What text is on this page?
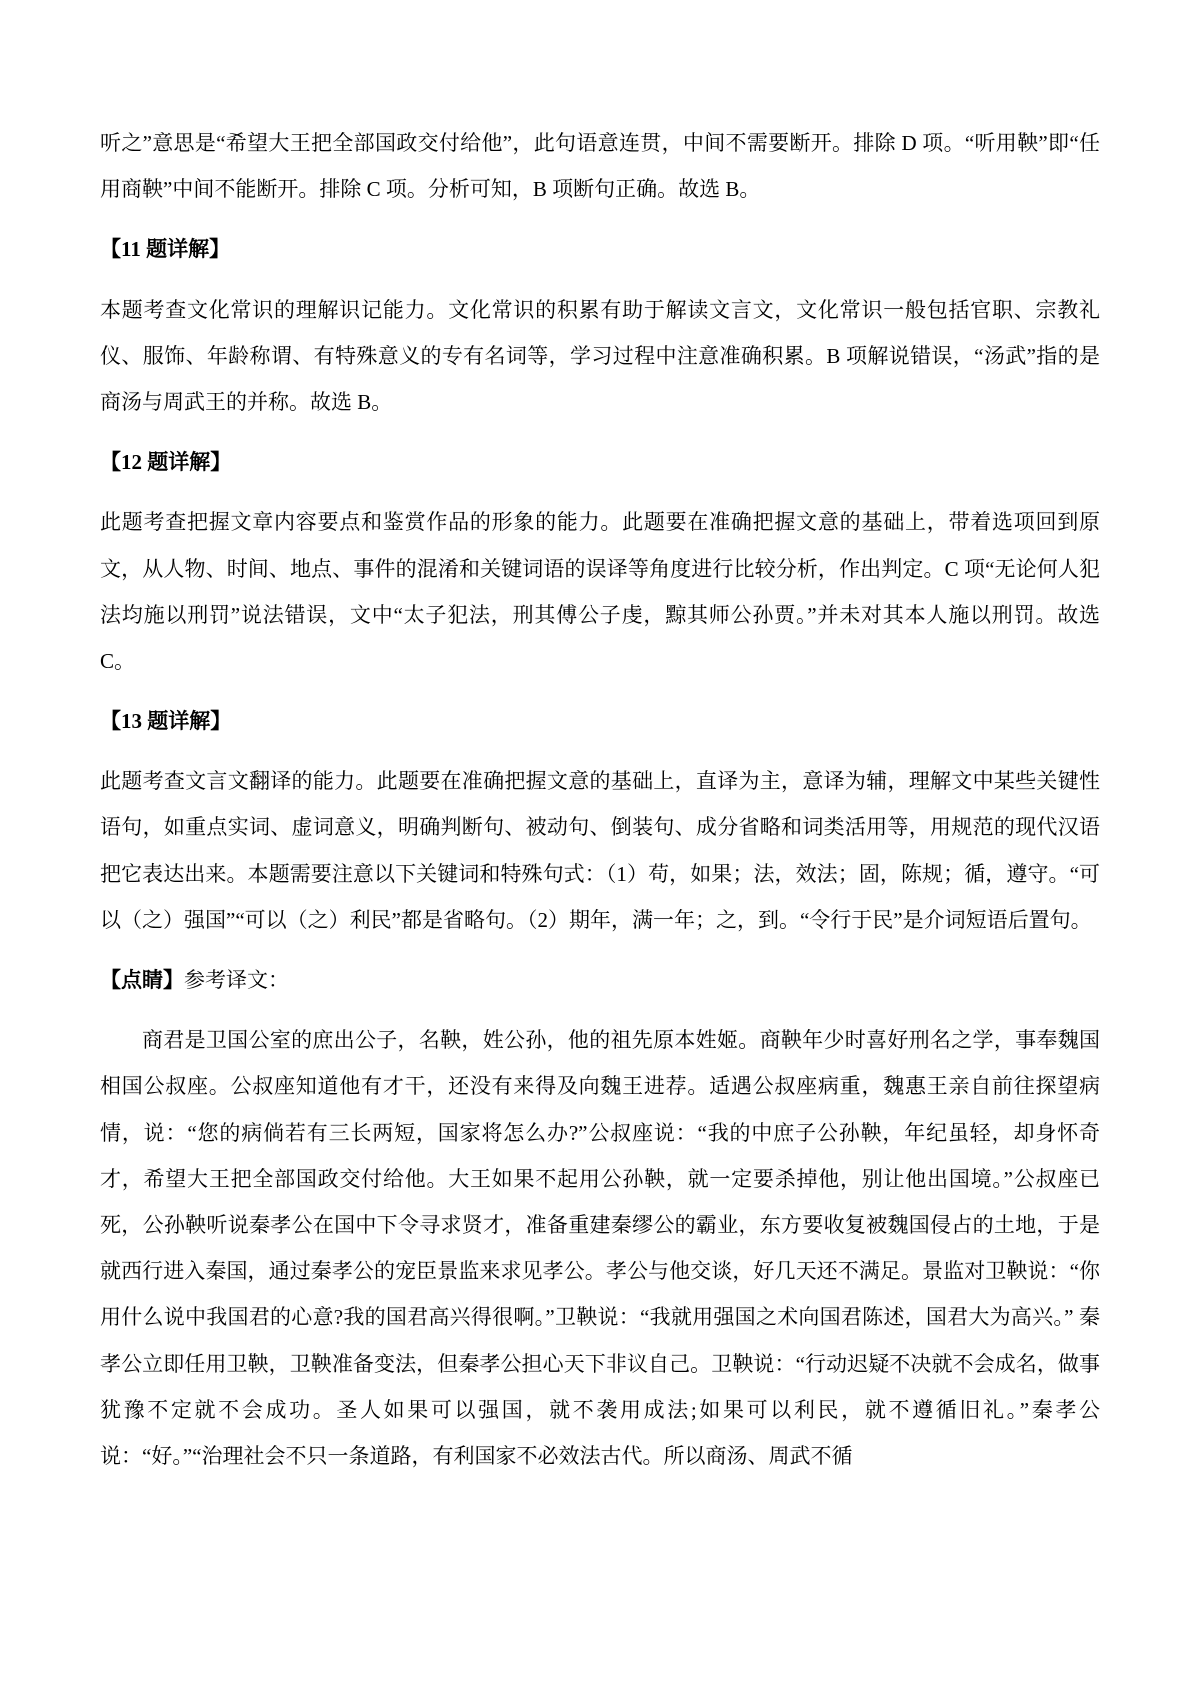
听之”意思是“希望大王把全部国政交付给他”，此句语意连贯，中间不需要断开。排除 D 项。“听用鞅”即“任用商鞅”中间不能断开。排除 C 项。分析可知，B 项断句正确。故选 B。

【11 题详解】

本题考查文化常识的理解识记能力。文化常识的积累有助于解读文言文，文化常识一般包括官职、宗教礼仪、服饰、年龄称谓、有特殊意义的专有名词等，学习过程中注意准确积累。B 项解说错误，“汤武”指的是商汤与周武王的并称。故选 B。

【12 题详解】

此题考查把握文章内容要点和鉴赏作品的形象的能力。此题要在准确把握文意的基础上，带着选项回到原文，从人物、时间、地点、事件的混淆和关键词语的误译等角度进行比较分析，作出判定。C 项“无论何人犯法均施以刑罚”说法错误，文中“太子犯法，刑其傅公子虔，黥其师公孙贾。”并未对其本人施以刑罚。故选 C。

【13 题详解】

此题考查文言文翻译的能力。此题要在准确把握文意的基础上，直译为主，意译为辅，理解文中某些关键性语句，如重点实词、虚词意义，明确判断句、被动句、倒装句、成分省略和词类活用等，用规范的现代汉语把它表达出来。本题需要注意以下关键词和特殊句式：（1）苟，如果；法，效法；固，陈规；循，遵守。“可以（之）强国”“可以（之）利民”都是省略句。（2）期年，满一年；之，到。“令行于民”是介词短语后置句。

【点睛】参考译文：

商君是卫国公室的庶出公子，名鞅，姓公孙，他的祖先原本姓姬。商鞅年少时喜好刑名之学，事奉魏国相国公叔座。公叔座知道他有才干，还没有来得及向魏王进荐。适遇公叔座病重，魏惠王亲自前往探望病情，说：“您的病倘若有三长两短，国家将怎么办?”公叔座说：“我的中庶子公孙鞅，年纪虽轻，却身怀奇才，希望大王把全部国政交付给他。大王如果不起用公孙鞅，就一定要杀掉他，别让他出国境。”公叔座已死，公孙鞅听说秦孝公在国中下令寻求贤才，准备重建秦缪公的霸业，东方要收复被魏国侵占的土地，于是就西行进入秦国，通过秦孝公的宠臣景监来求见孝公。孝公与他交谈，好几天还不满足。景监对卫鞅说：“你用什么说中我国君的心意?我的国君高兴得很啊。”卫鞅说：“我就用强国之术向国君陈述，国君大为高兴。” 秦孝公立即任用卫鞅，卫鞅准备变法，但秦孝公担心天下非议自己。卫鞅说：“行动迟疑不决就不会成名，做事犹豫不定就不会成功。圣人如果可以强国，就不袭用成法;如果可以利民，就不遵循旧礼。”秦孝公说：“好。”“治理社会不只一条道路，有利国家不必效法古代。所以商汤、周武不循
